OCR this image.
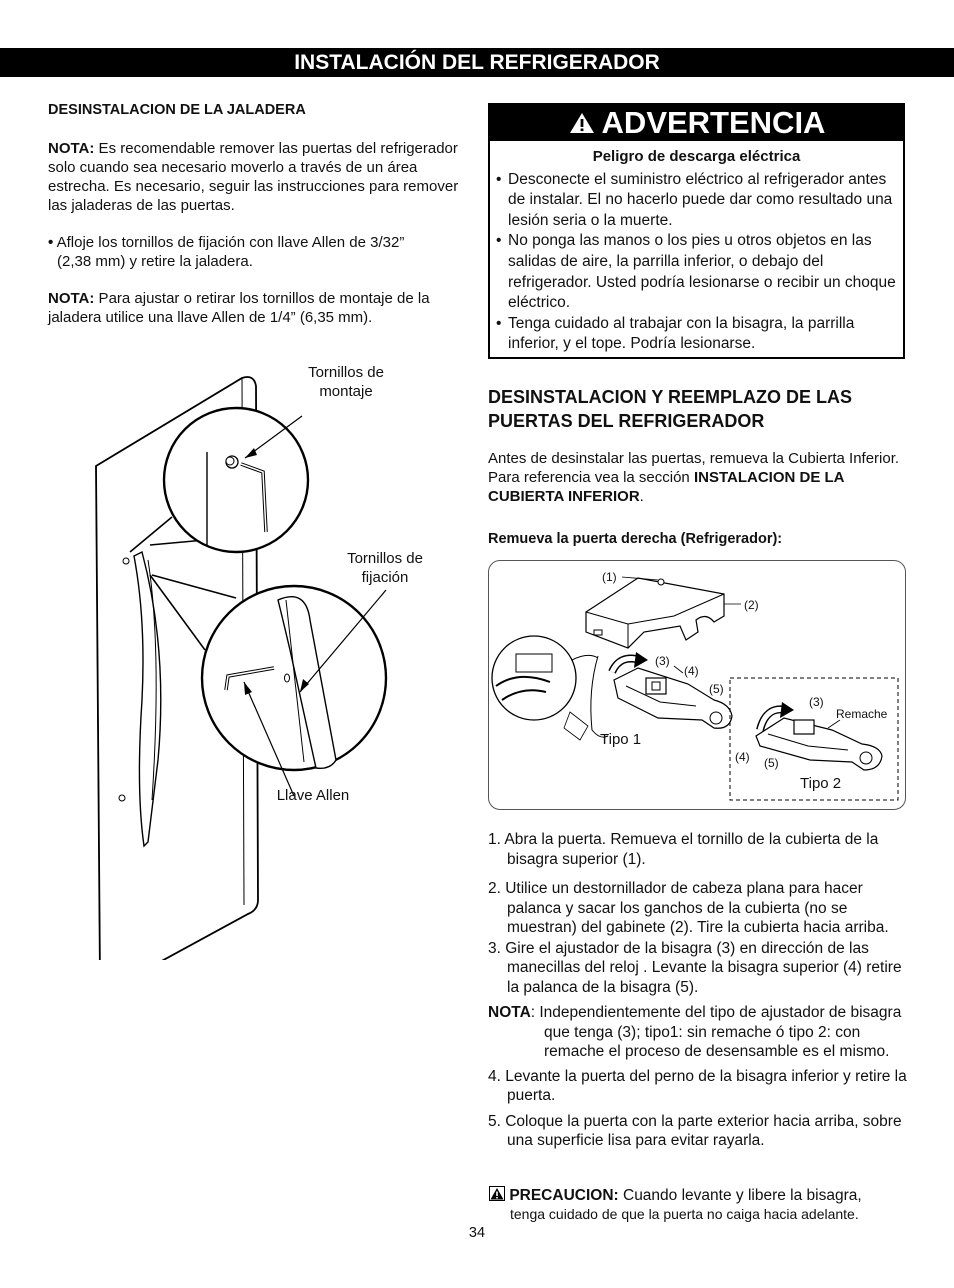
INSTALACIÓN DEL REFRIGERADOR
DESINSTALACION DE LA JALADERA
NOTA: Es recomendable remover las puertas del refrigerador solo cuando sea necesario moverlo a través de un área estrecha. Es necesario, seguir las instrucciones para remover las jaladeras de las puertas.
• Afloje los tornillos de fijación con llave Allen de 3/32”
(2,38 mm) y retire la jaladera.
NOTA: Para ajustar o retirar los tornillos de montaje de la jaladera utilice una llave Allen de 1/4” (6,35 mm).
Tornillos de
montaje
Tornillos de
fijación
Llave Allen
ADVERTENCIA
Peligro de descarga eléctrica
• Desconecte el suministro eléctrico al refrigerador antes de instalar. El no hacerlo puede dar como resultado una lesión seria o la muerte.
• No ponga las manos o los pies u otros objetos en las salidas de aire, la parrilla inferior, o debajo del refrigerador. Usted podría lesionarse o recibir un choque eléctrico.
• Tenga cuidado al trabajar con la bisagra, la parrilla inferior, y el tope. Podría lesionarse.
DESINSTALACION Y REEMPLAZO DE LAS
PUERTAS DEL REFRIGERADOR
Antes de desinstalar las puertas, remueva la Cubierta Inferior. Para referencia vea la sección INSTALACION DE LA CUBIERTA INFERIOR.
Remueva la puerta derecha (Refrigerador):
(1)
(2)
(3)
(4)
(5)
(3)
Remache
(4) (5)
Tipo 1
Tipo 2
1. Abra la puerta. Remueva el tornillo de la cubierta de la bisagra superior (1).
2. Utilice un destornillador de cabeza plana para hacer palanca y sacar los ganchos de la cubierta (no se muestran) del gabinete (2). Tire la cubierta hacia arriba.
3. Gire el ajustador de la bisagra (3) en dirección de las manecillas del reloj . Levante la bisagra superior (4) retire la palanca de la bisagra (5).
NOTA: Independientemente del tipo de ajustador de bisagra que tenga (3); tipo1: sin remache ó tipo 2: con remache el proceso de desensamble es el mismo.
4. Levante la puerta del perno de la bisagra inferior y retire la puerta.
5. Coloque la puerta con la parte exterior hacia arriba, sobre una superficie lisa para evitar rayarla.
PRECAUCION: Cuando levante y libere la bisagra,
tenga cuidado de que la puerta no caiga hacia adelante.
34
